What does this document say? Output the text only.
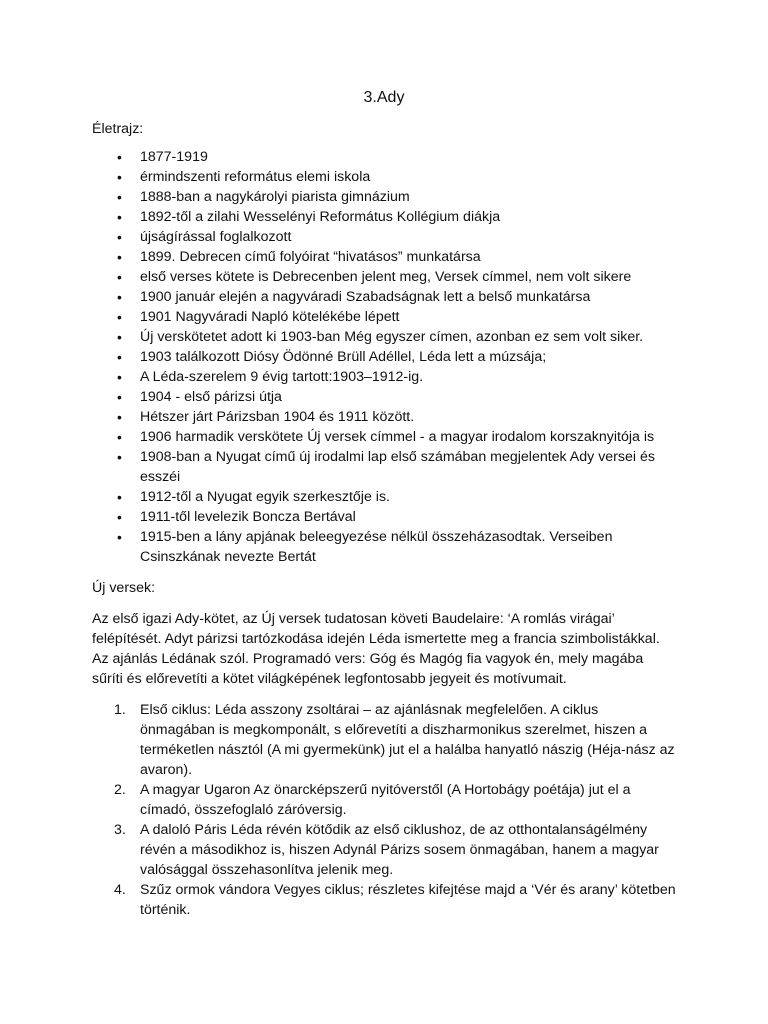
3.Ady
Életrajz:
• 1877-1919
• érmindszenti református elemi iskola
• 1888-ban a nagykárolyi piarista gimnázium
• 1892-től a zilahi Wesselényi Református Kollégium diákja
• újságírással foglalkozott
• 1899. Debrecen című folyóirat “hivatásos” munkatársa
• első verses kötete is Debrecenben jelent meg, Versek címmel, nem volt sikere
• 1900 január elején a nagyváradi Szabadságnak lett a belső munkatársa
• 1901 Nagyváradi Napló kötelékébe lépett
• Új verskötetet adott ki 1903-ban Még egyszer címen, azonban ez sem volt siker.
• 1903 találkozott Diósy Ödönné Brüll Adéllel, Léda lett a múzsája;
• A Léda-szerelem 9 évig tartott:1903–1912-ig.
• 1904 - első párizsi útja
• Hétszer járt Párizsban 1904 és 1911 között.
• 1906 harmadik verskötete Új versek címmel - a magyar irodalom korszaknyitója is
• 1908-ban a Nyugat című új irodalmi lap első számában megjelentek Ady versei és esszéi
• 1912-től a Nyugat egyik szerkesztője is.
• 1911-től levelezik Boncza Bertával
• 1915-ben a lány apjának beleegyezése nélkül összeházasodtak. Verseiben Csinszkának nevezte Bertát
Új versek:
Az első igazi Ady-kötet, az Új versek tudatosan követi Baudelaire: ‘A romlás virágai’ felépítését. Adyt párizsi tartózkodása idején Léda ismertette meg a francia szimbolistákkal. Az ajánlás Lédának szól. Programadó vers: Góg és Magóg fia vagyok én, mely magába sűríti és előrevetíti a kötet világképének legfontosabb jegyeit és motívumait.
1. Első ciklus: Léda asszony zsoltárai – az ajánlásnak megfelelően. A ciklus önmagában is megkomponált, s előrevetíti a diszharmonikus szerelmet, hiszen a terméketlen násztól (A mi gyermekünk) jut el a halálba hanyatló nászig (Héja-nász az avaron).
2. A magyar Ugaron Az önarcképszerű nyitóverstől (A Hortobágy poétája) jut el a címadó, összefoglaló záróversig.
3. A daloló Páris Léda révén kötődik az első ciklushoz, de az otthontalanságélmény révén a másodikhoz is, hiszen Adynál Párizs sosem önmagában, hanem a magyar valósággal összehasonlítva jelenik meg.
4. Szűz ormok vándora Vegyes ciklus; részletes kifejtése majd a ‘Vér és arany’ kötetben történik.
